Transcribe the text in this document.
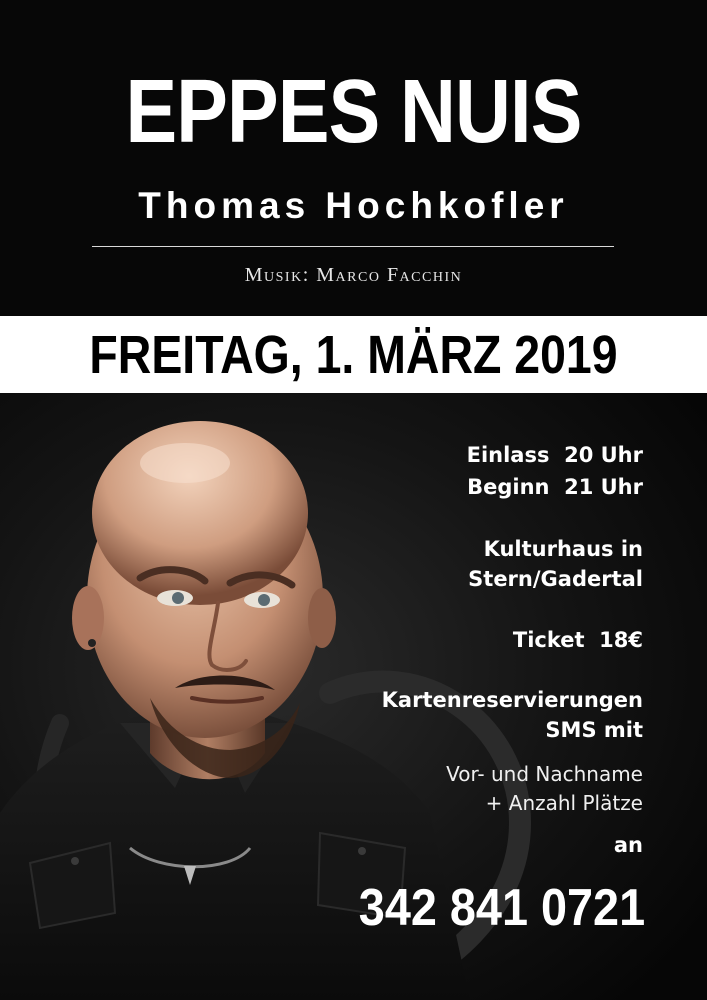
EPPES NUIS
Thomas Hochkofler
Musik: Marco Facchin
FREITAG, 1. MÄRZ 2019
Einlass  20 Uhr
Beginn  21 Uhr
Kulturhaus in
Stern/Gadertal
Ticket  18€
Kartenreservierungen
SMS mit
Vor- und Nachname
+ Anzahl Plätze
an
342 841 0721
